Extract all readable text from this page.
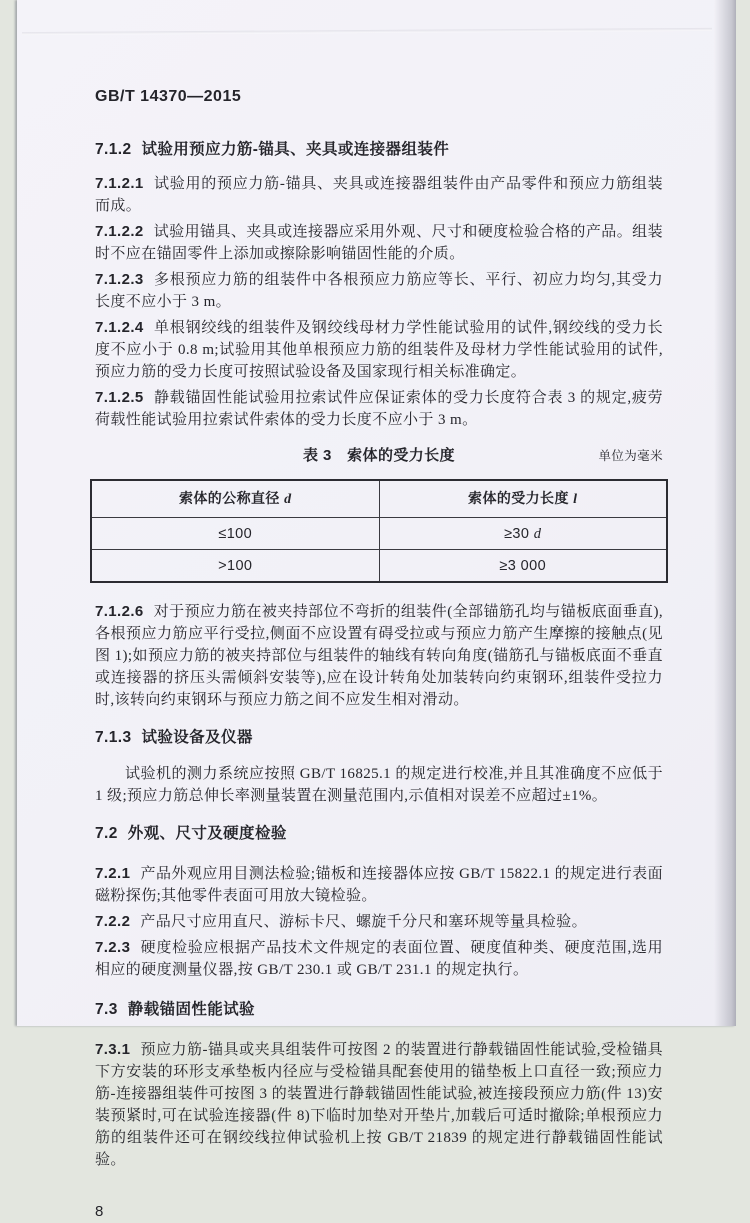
GB/T 14370—2015

7.1.2 试验用预应力筋-锚具、夹具或连接器组装件

7.1.2.1 试验用的预应力筋-锚具、夹具或连接器组装件由产品零件和预应力筋组装而成。

7.1.2.2 试验用锚具、夹具或连接器应采用外观、尺寸和硬度检验合格的产品。组装时不应在锚固零件上添加或擦除影响锚固性能的介质。

7.1.2.3 多根预应力筋的组装件中各根预应力筋应等长、平行、初应力均匀,其受力长度不应小于 3 m。

7.1.2.4 单根钢绞线的组装件及钢绞线母材力学性能试验用的试件,钢绞线的受力长度不应小于 0.8 m;试验用其他单根预应力筋的组装件及母材力学性能试验用的试件,预应力筋的受力长度可按照试验设备及国家现行相关标准确定。

7.1.2.5 静载锚固性能试验用拉索试件应保证索体的受力长度符合表 3 的规定,疲劳荷载性能试验用拉索试件索体的受力长度不应小于 3 m。

表 3　索体的受力长度	单位为毫米
索体的公称直径 d	索体的受力长度 l
≤100	≥30 d
>100	≥3 000

7.1.2.6 对于预应力筋在被夹持部位不弯折的组装件(全部锚筋孔均与锚板底面垂直),各根预应力筋应平行受拉,侧面不应设置有碍受拉或与预应力筋产生摩擦的接触点(见图 1);如预应力筋的被夹持部位与组装件的轴线有转向角度(锚筋孔与锚板底面不垂直或连接器的挤压头需倾斜安装等),应在设计转角处加装转向约束钢环,组装件受拉力时,该转向约束钢环与预应力筋之间不应发生相对滑动。

7.1.3 试验设备及仪器

试验机的测力系统应按照 GB/T 16825.1 的规定进行校准,并且其准确度不应低于 1 级;预应力筋总伸长率测量装置在测量范围内,示值相对误差不应超过±1%。

7.2 外观、尺寸及硬度检验

7.2.1 产品外观应用目测法检验;锚板和连接器体应按 GB/T 15822.1 的规定进行表面磁粉探伤;其他零件表面可用放大镜检验。

7.2.2 产品尺寸应用直尺、游标卡尺、螺旋千分尺和塞环规等量具检验。

7.2.3 硬度检验应根据产品技术文件规定的表面位置、硬度值种类、硬度范围,选用相应的硬度测量仪器,按 GB/T 230.1 或 GB/T 231.1 的规定执行。

7.3 静载锚固性能试验

7.3.1 预应力筋-锚具或夹具组装件可按图 2 的装置进行静载锚固性能试验,受检锚具下方安装的环形支承垫板内径应与受检锚具配套使用的锚垫板上口直径一致;预应力筋-连接器组装件可按图 3 的装置进行静载锚固性能试验,被连接段预应力筋(件 13)安装预紧时,可在试验连接器(件 8)下临时加垫对开垫片,加载后可适时撤除;单根预应力筋的组装件还可在钢绞线拉伸试验机上按 GB/T 21839 的规定进行静载锚固性能试验。

8
